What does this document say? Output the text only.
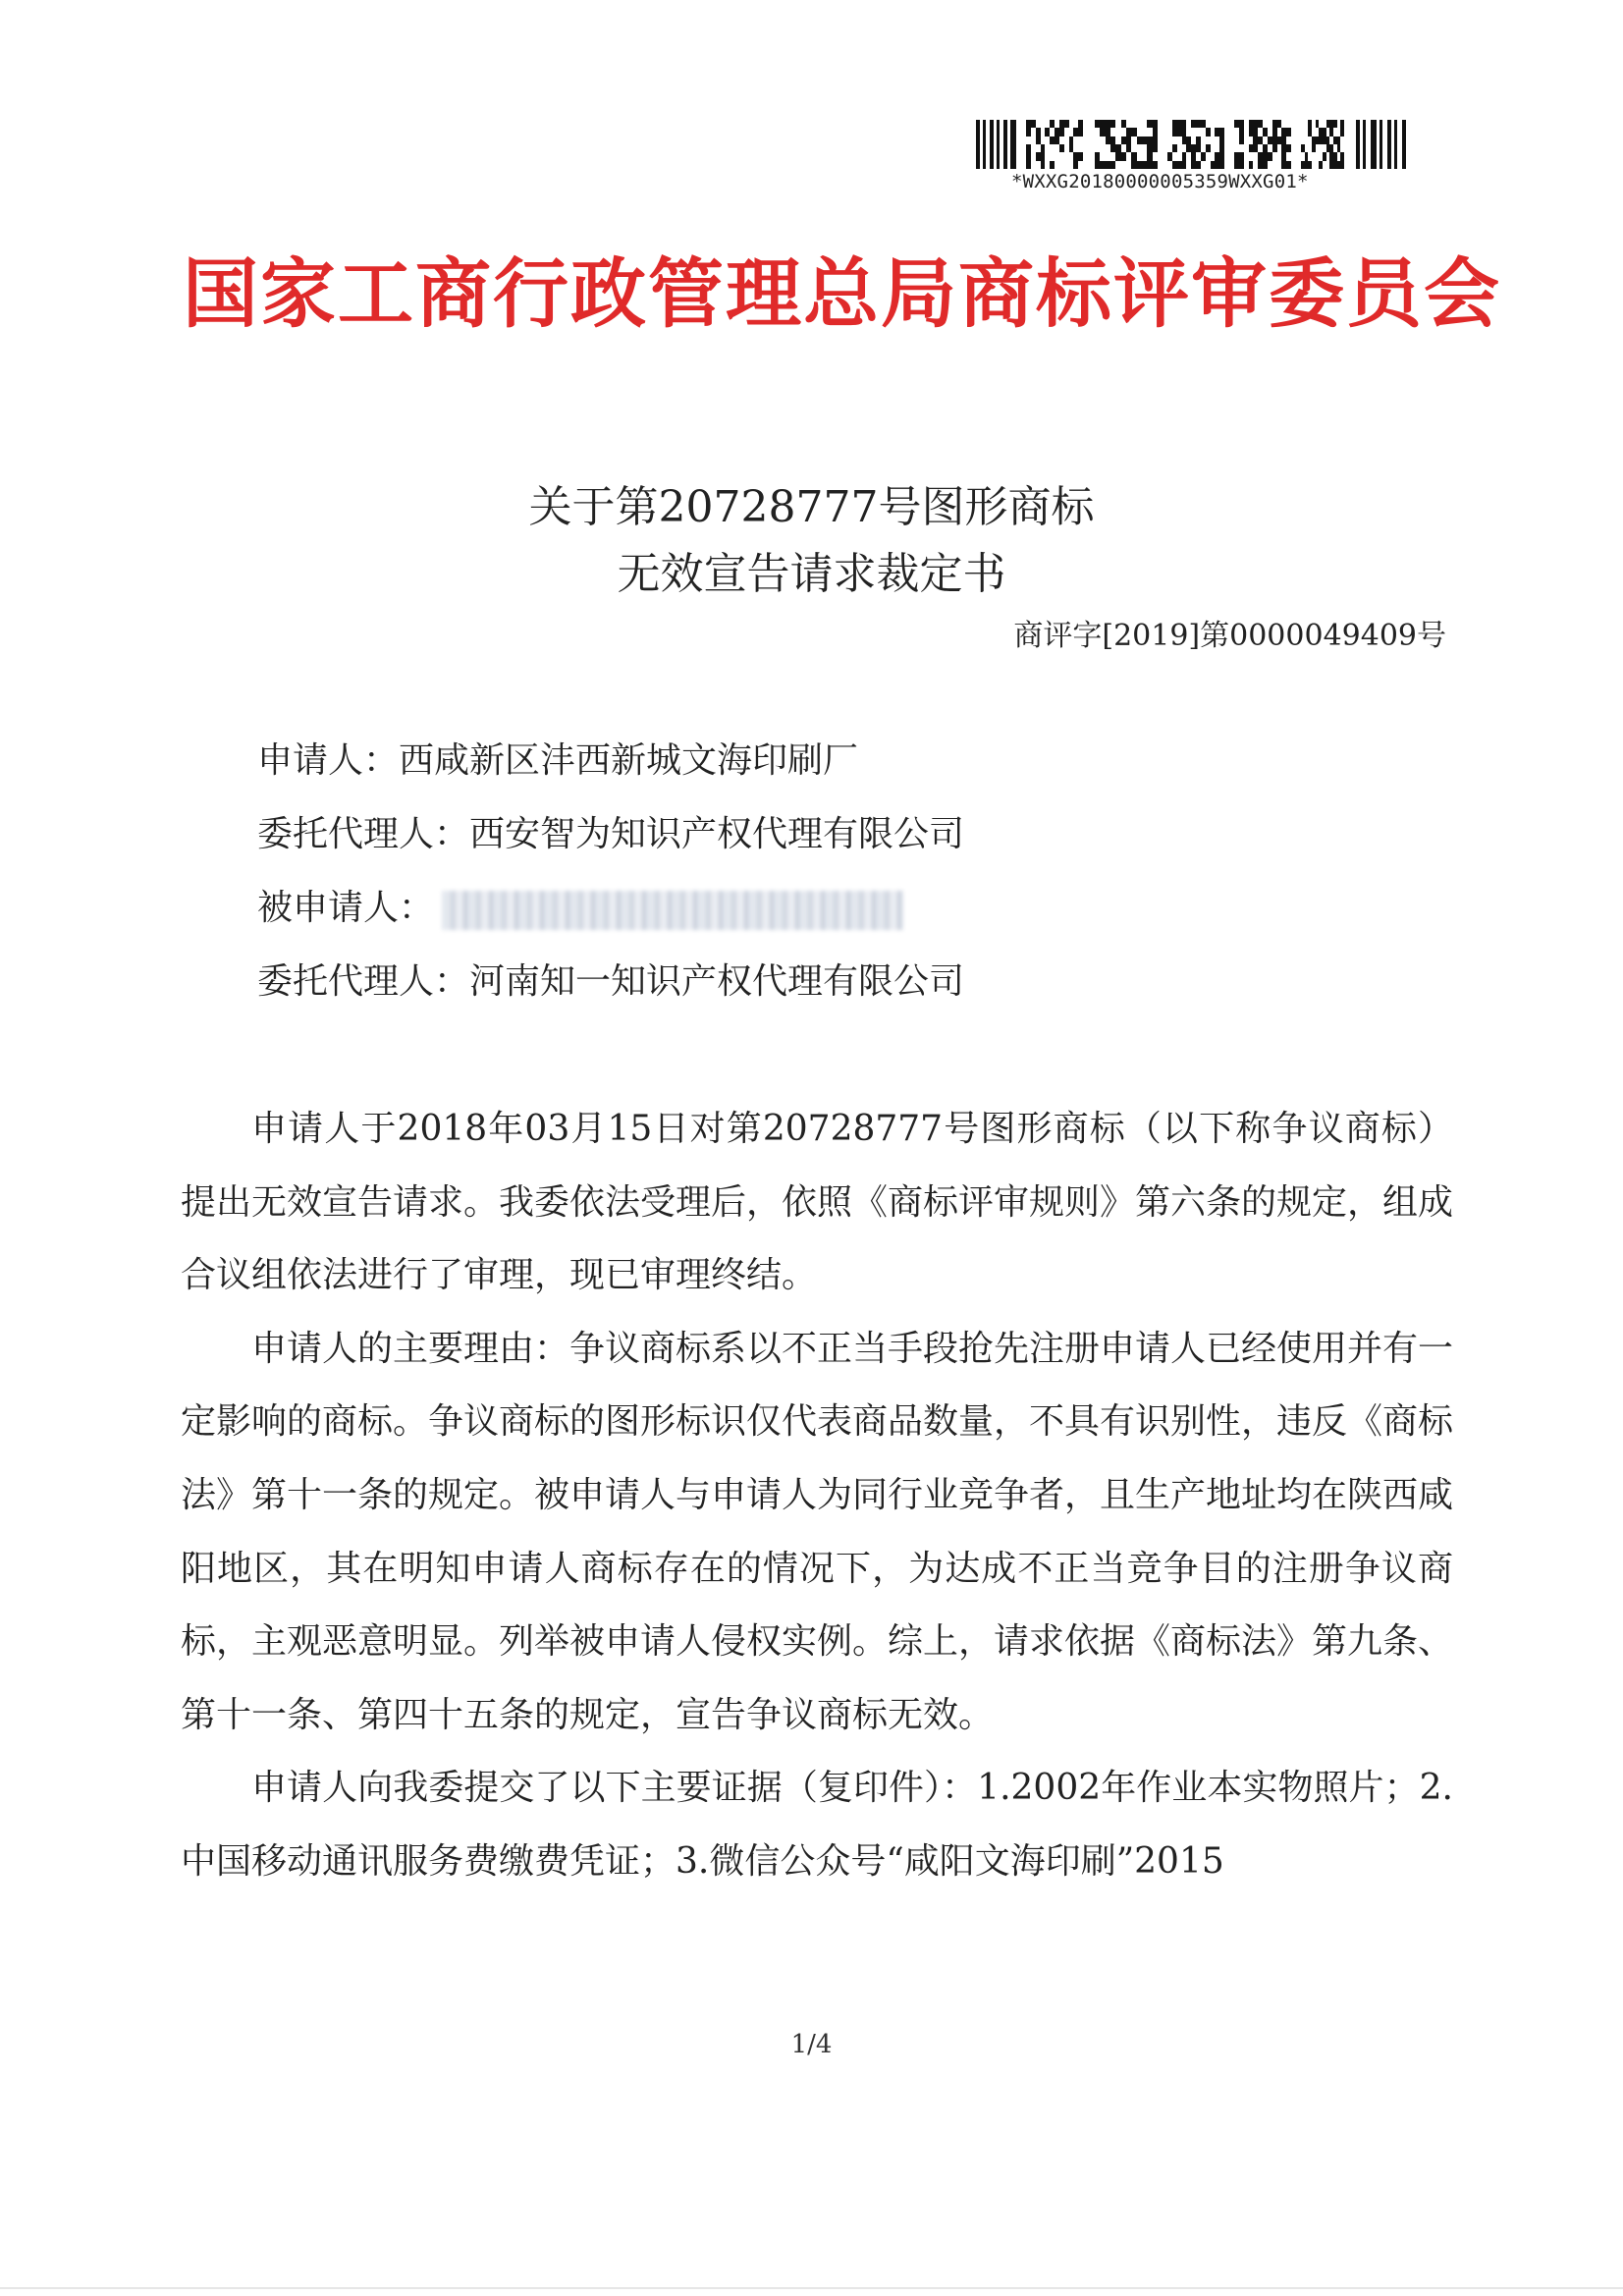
*WXXG20180000005359WXXG01*
国家工商行政管理总局商标评审委员会
关于第20728777号图形商标
无效宣告请求裁定书
商评字[2019]第0000049409号
申请人：西咸新区沣西新城文海印刷厂
委托代理人：西安智为知识产权代理有限公司
被申请人：
委托代理人：河南知一知识产权代理有限公司

申请人于2018年03月15日对第20728777号图形商标（以下称争议商标）提出无效宣告请求。我委依法受理后，依照《商标评审规则》第六条的规定，组成合议组依法进行了审理，现已审理终结。

申请人的主要理由：争议商标系以不正当手段抢先注册申请人已经使用并有一定影响的商标。争议商标的图形标识仅代表商品数量，不具有识别性，违反《商标法》第十一条的规定。被申请人与申请人为同行业竞争者，且生产地址均在陕西咸阳地区，其在明知申请人商标存在的情况下，为达成不正当竞争目的注册争议商标，主观恶意明显。列举被申请人侵权实例。综上，请求依据《商标法》第九条、第十一条、第四十五条的规定，宣告争议商标无效。

申请人向我委提交了以下主要证据（复印件）：1.2002年作业本实物照片；2.中国移动通讯服务费缴费凭证；3.微信公众号“咸阳文海印刷”2015

1/4
